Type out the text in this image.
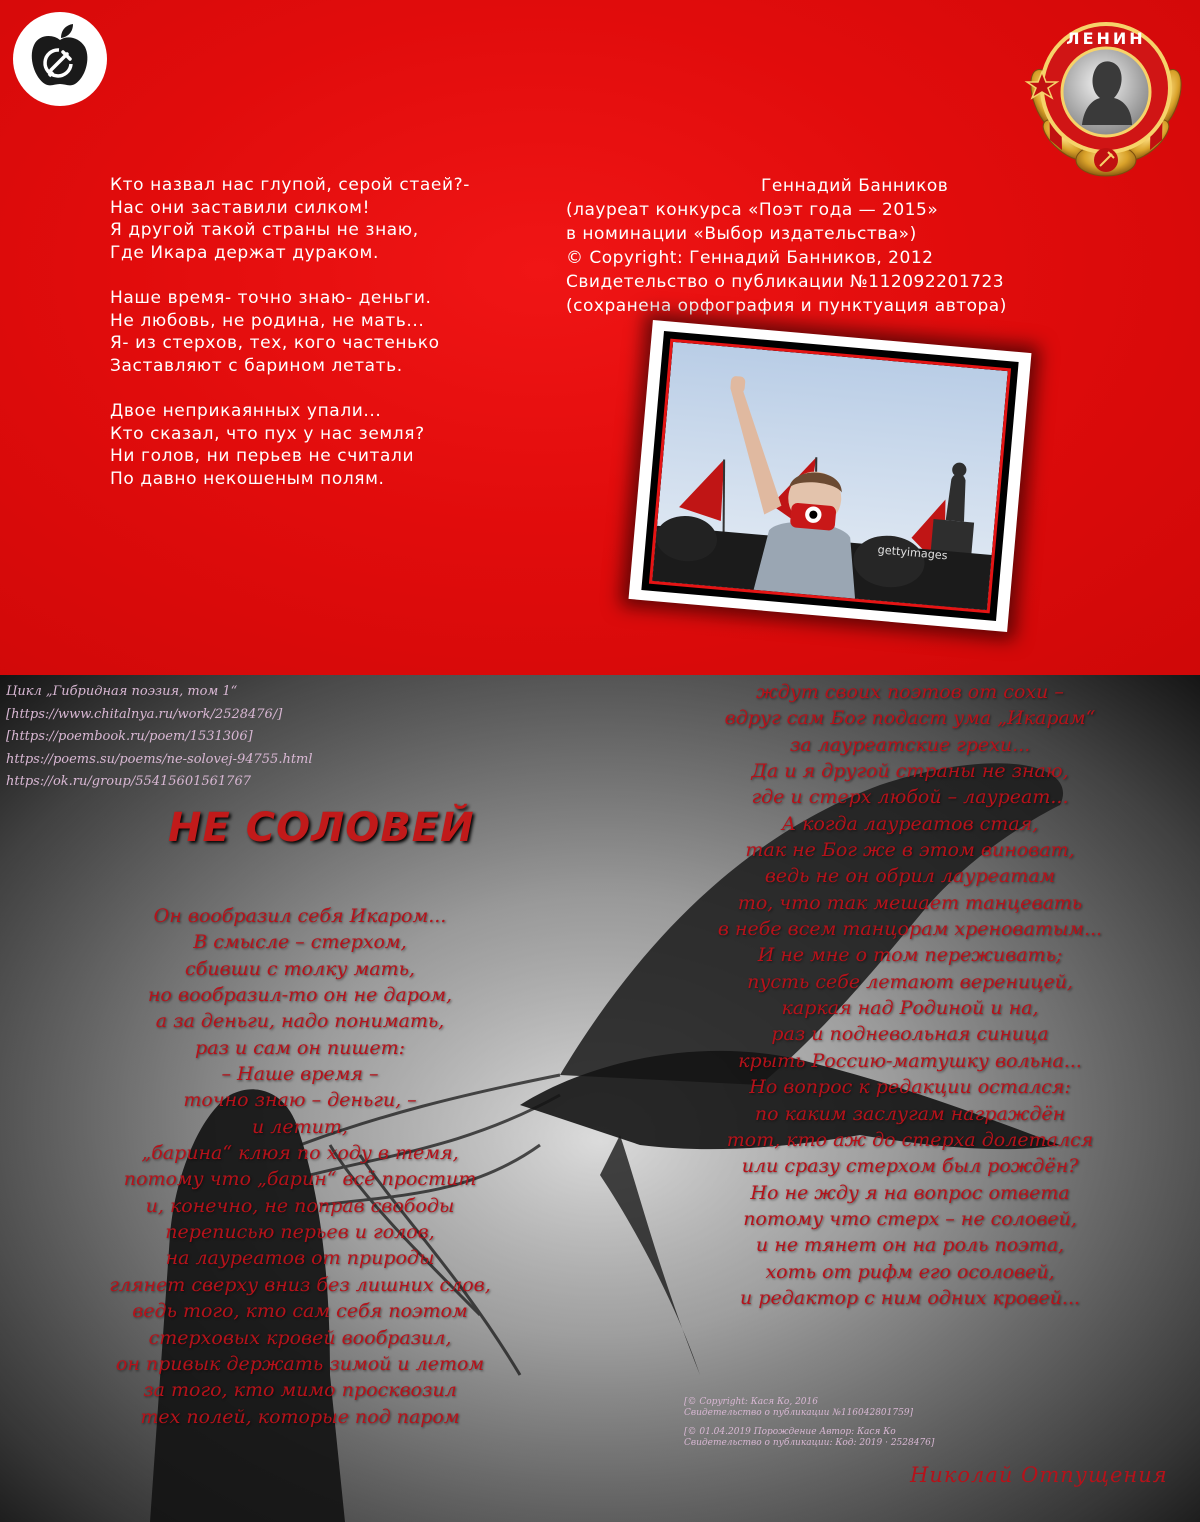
ЛЕНИН
Кто назвал нас глупой, серой стаей?-
Нас они заставили силком!
Я другой такой страны не знаю,
Где Икара держат дураком.
Наше время- точно знаю- деньги.
Не любовь, не родина, не мать...
Я- из стерхов, тех, кого частенько
Заставляют с барином летать.
Двое неприкаянных упали...
Кто сказал, что пух у нас земля?
Ни голов, ни перьев не считали
По давно некошеным полям.
Геннадий Банников
(лауреат конкурса «Поэт года — 2015»
в номинации «Выбор издательства»)
© Copyright: Геннадий Банников, 2012
Свидетельство о публикации №112092201723
(сохранена орфография и пунктуация автора)
gettyimages
Цикл „Гибридная поэзия, том 1“
[https://www.chitalnya.ru/work/2528476/]
[https://poembook.ru/poem/1531306]
https://poems.su/poems/ne-solovej-94755.html
https://ok.ru/group/55415601561767
НЕ СОЛОВЕЙ
Он вообразил себя Икаром...
В смысле – стерхом,
сбивши с толку мать,
но вообразил-то он не даром,
а за деньги, надо понимать,
раз и сам он пишет:
– Наше время –
точно знаю – деньги, –
и летит,
„барина“ клюя по ходу в темя,
потому что „барин“ всё простит
и, конечно, не поправ свободы
переписью перьев и голов,
на лауреатов от природы
глянет сверху вниз без лишних слов,
ведь того, кто сам себя поэтом
стерховых кровей вообразил,
он привык держать зимой и летом
за того, кто мимо просквозил
тех полей, которые под паром
ждут своих поэтов от сохи –
вдруг сам Бог подаст ума „Икарам“
за лауреатские грехи...
Да и я другой страны не знаю,
где и стерх любой – лауреат...
А когда лауреатов стая,
так не Бог же в этом виноват,
ведь не он обрил лауреатам
то, что так мешает танцевать
в небе всем танцорам хреноватым...
И не мне о том переживать;
пусть себе летают вереницей,
каркая над Родиной и на,
раз и подневольная синица
крыть Россию-матушку вольна...
Но вопрос к редакции остался:
по каким заслугам награждён
тот, кто аж до стерха долетался
или сразу стерхом был рождён?
Но не жду я на вопрос ответа
потому что стерх – не соловей,
и не тянет он на роль поэта,
хоть от рифм его осоловей,
и редактор с ним одних кровей...
[© Copyright: Кася Ко, 2016
Свидетельство о публикации №116042801759]
[© 01.04.2019 Порождение Автор: Кася Ко
Свидетельство о публикации: Код: 2019 · 2528476]
Николай Отпущения
